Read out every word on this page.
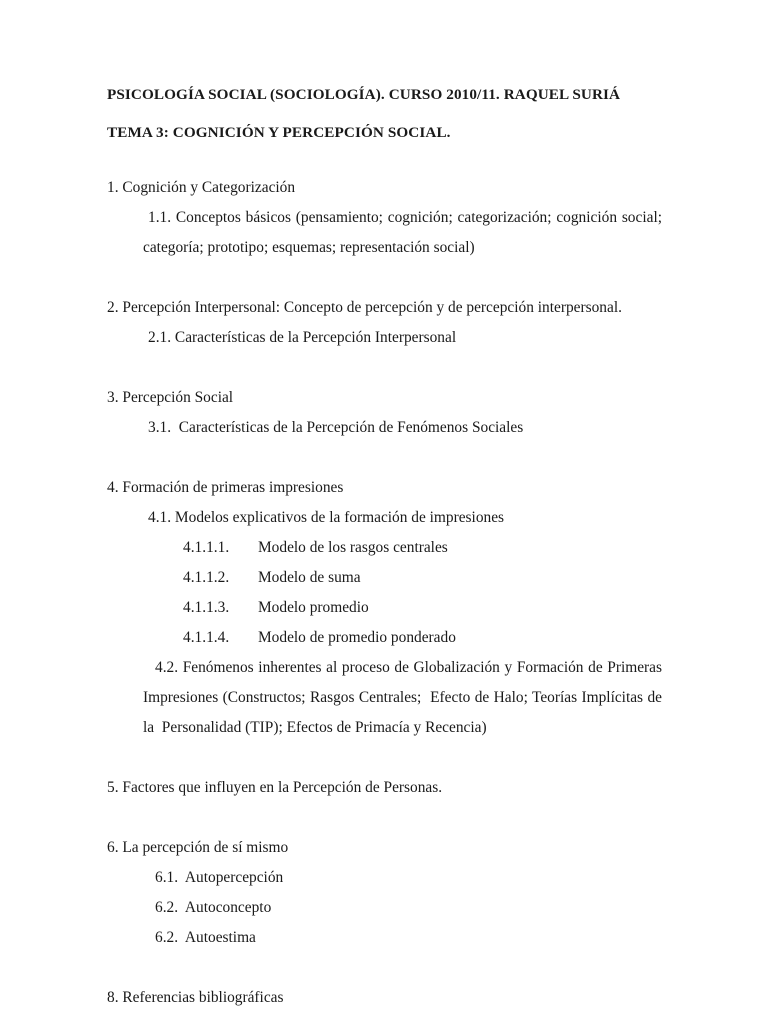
PSICOLOGÍA SOCIAL (SOCIOLOGÍA). CURSO 2010/11. RAQUEL SURIÁ

TEMA 3: COGNICIÓN Y PERCEPCIÓN SOCIAL.

1. Cognición y Categorización

1.1. Conceptos básicos (pensamiento; cognición; categorización; cognición social; categoría; prototipo; esquemas; representación social)

2. Percepción Interpersonal: Concepto de percepción y de percepción interpersonal.

2.1. Características de la Percepción Interpersonal

3. Percepción Social

3.1.  Características de la Percepción de Fenómenos Sociales

4. Formación de primeras impresiones

4.1. Modelos explicativos de la formación de impresiones

4.1.1.1.	Modelo de los rasgos centrales
4.1.1.2.	Modelo de suma
4.1.1.3.	Modelo promedio
4.1.1.4.	Modelo de promedio ponderado

4.2. Fenómenos inherentes al proceso de Globalización y Formación de Primeras Impresiones (Constructos; Rasgos Centrales;  Efecto de Halo; Teorías Implícitas de la  Personalidad (TIP); Efectos de Primacía y Recencia)

5. Factores que influyen en la Percepción de Personas.

6. La percepción de sí mismo

6.1.  Autopercepción

6.2.  Autoconcepto

6.2.  Autoestima

8. Referencias bibliográficas
